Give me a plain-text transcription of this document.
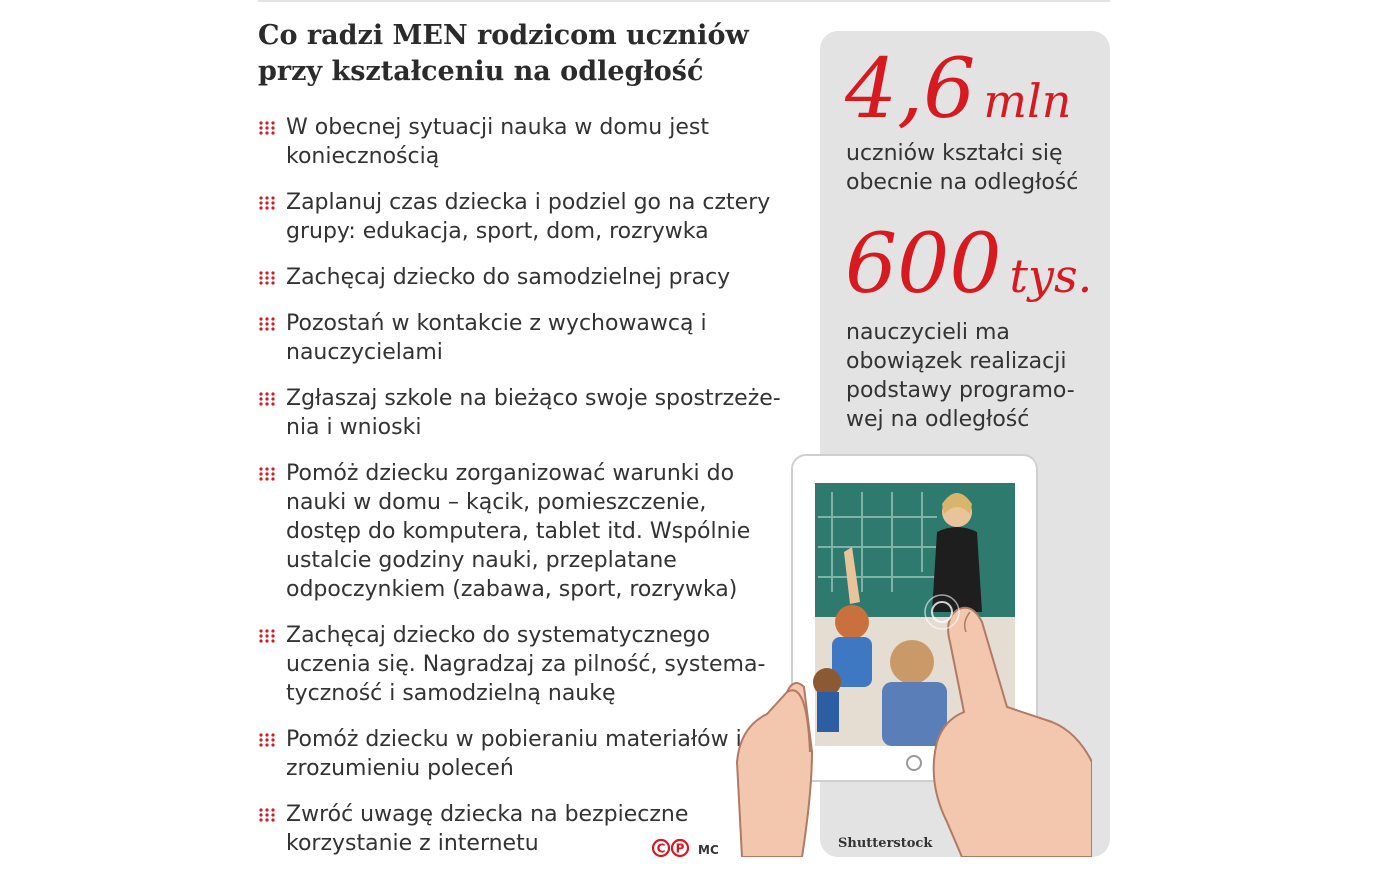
Co radzi MEN rodzicom uczniów przy kształceniu na odległość
W obecnej sytuacji nauka w domu jest koniecznością
Zaplanuj czas dziecka i podziel go na cztery grupy: edukacja, sport, dom, rozrywka
Zachęcaj dziecko do samodzielnej pracy
Pozostań w kontakcie z wychowawcą i nauczycielami
Zgłaszaj szkole na bieżąco swoje spostrzeże-nia i wnioski
Pomóż dziecku zorganizować warunki do nauki w domu – kącik, pomieszczenie, dostęp do komputera, tablet itd. Wspólnie ustalcie godziny nauki, przeplatane odpoczynkiem (zabawa, sport, rozrywka)
Zachęcaj dziecko do systematycznego uczenia się. Nagradzaj za pilność, systema-tyczność i samodzielną naukę
Pomóż dziecku w pobieraniu materiałów i zrozumieniu poleceń
Zwróć uwagę dziecka na bezpieczne korzystanie z internetu
4,6 mln
uczniów kształci się obecnie na odległość
600 tys.
nauczycieli ma obowiązek realizacji podstawy programo-wej na odległość
Shutterstock
C P MC
